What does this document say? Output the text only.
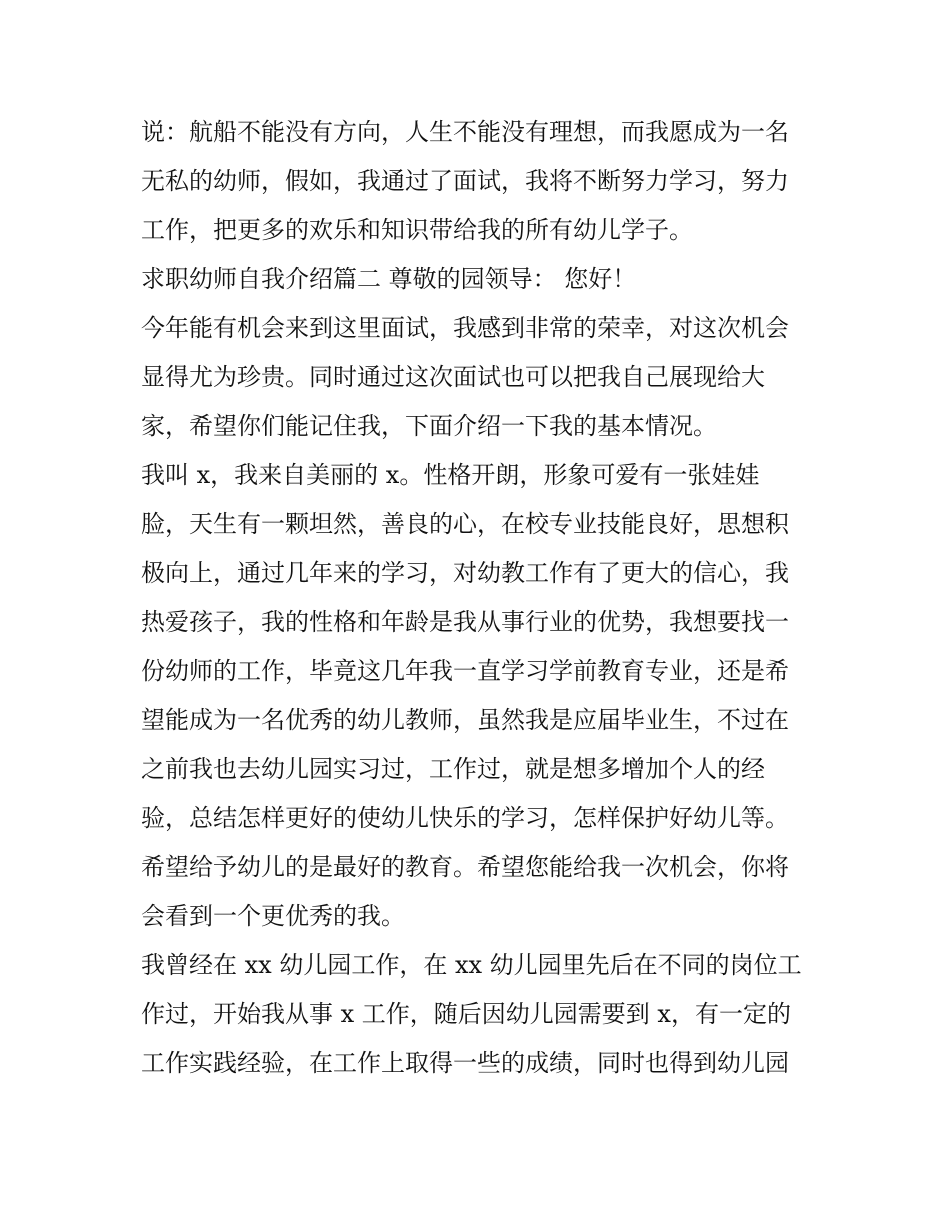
说：航船不能没有方向，人生不能没有理想，而我愿成为一名
无私的幼师，假如，我通过了面试，我将不断努力学习，努力
工作，把更多的欢乐和知识带给我的所有幼儿学子。
求职幼师自我介绍篇二 尊敬的园领导： 您好！
今年能有机会来到这里面试，我感到非常的荣幸，对这次机会
显得尤为珍贵。同时通过这次面试也可以把我自己展现给大
家，希望你们能记住我，下面介绍一下我的基本情况。
我叫 x，我来自美丽的 x。性格开朗，形象可爱有一张娃娃
脸，天生有一颗坦然，善良的心，在校专业技能良好，思想积
极向上，通过几年来的学习，对幼教工作有了更大的信心，我
热爱孩子，我的性格和年龄是我从事行业的优势，我想要找一
份幼师的工作，毕竟这几年我一直学习学前教育专业，还是希
望能成为一名优秀的幼儿教师，虽然我是应届毕业生，不过在
之前我也去幼儿园实习过，工作过，就是想多增加个人的经
验，总结怎样更好的使幼儿快乐的学习，怎样保护好幼儿等。
希望给予幼儿的是最好的教育。希望您能给我一次机会，你将
会看到一个更优秀的我。
我曾经在 xx 幼儿园工作，在 xx 幼儿园里先后在不同的岗位工
作过，开始我从事 x 工作，随后因幼儿园需要到 x，有一定的
工作实践经验，在工作上取得一些的成绩，同时也得到幼儿园
